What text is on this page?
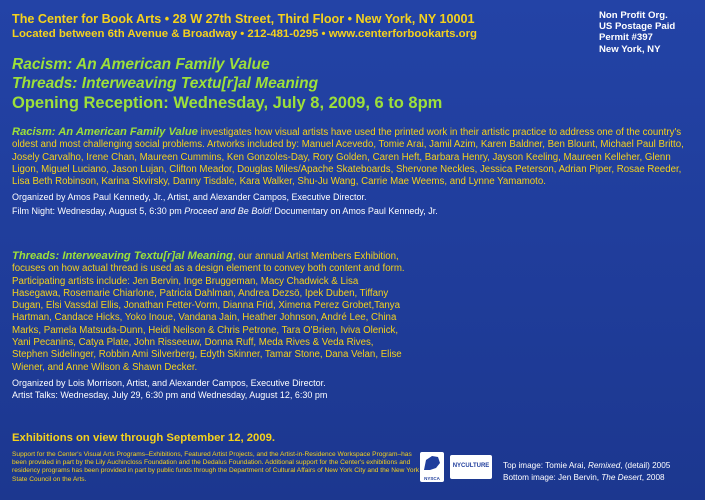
The Center for Book Arts • 28 W 27th Street, Third Floor • New York, NY 10001
Located between 6th Avenue & Broadway • 212-481-0295 • www.centerforbookarts.org
Non Profit Org.
US Postage Paid
Permit #397
New York, NY
Racism: An American Family Value
Threads: Interweaving Textu[r]al Meaning
Opening Reception: Wednesday, July 8, 2009, 6 to 8pm
Racism: An American Family Value investigates how visual artists have used the printed work in their artistic practice to address one of the country's oldest and most challenging social problems. Artworks included by: Manuel Acevedo, Tomie Arai, Jamil Azim, Karen Baldner, Ben Blount, Michael Paul Britto, Josely Carvalho, Irene Chan, Maureen Cummins, Ken Gonzoles-Day, Rory Golden, Caren Heft, Barbara Henry, Jayson Keeling, Maureen Kelleher, Glenn Ligon, Miguel Luciano, Jason Lujan, Clifton Meador, Douglas Miles/Apache Skateboards, Shervone Neckles, Jessica Peterson, Adrian Piper, Rosae Reeder, Lisa Beth Robinson, Karina Skvirsky, Danny Tisdale, Kara Walker, Shu-Ju Wang, Carrie Mae Weems, and Lynne Yamamoto.
Organized by Amos Paul Kennedy, Jr., Artist, and Alexander Campos, Executive Director.
Film Night: Wednesday, August 5, 6:30 pm Proceed and Be Bold! Documentary on Amos Paul Kennedy, Jr.
Threads: Interweaving Textu[r]al Meaning, our annual Artist Members Exhibition, focuses on how actual thread is used as a design element to convey both content and form. Participating artists include: Jen Bervin, Inge Bruggeman, Macy Chadwick & Lisa Hasegawa, Rosemarie Chiarlone, Patricia Dahlman, Andrea Dezsö, Ipek Duben, Tiffany Dugan, Elsi Vassdal Ellis, Jonathan Fetter-Vorm, Dianna Frid, Ximena Perez Grobet,Tanya Hartman, Candace Hicks, Yoko Inoue, Vandana Jain, Heather Johnson, André Lee, China Marks, Pamela Matsuda-Dunn, Heidi Neilson & Chris Petrone, Tara O'Brien, Iviva Olenick, Yani Pecanins, Catya Plate, John Risseeuw, Donna Ruff, Meda Rives & Veda Rives, Stephen Sidelinger, Robbin Ami Silverberg, Edyth Skinner, Tamar Stone, Dana Velan, Elise Wiener, and Anne Wilson & Shawn Decker.
Organized by Lois Morrison, Artist, and Alexander Campos, Executive Director.
Artist Talks: Wednesday, July 29, 6:30 pm and Wednesday, August 12, 6:30 pm
Exhibitions on view through September 12, 2009.
Support for the Center's Visual Arts Programs–Exhibitions, Featured Artist Projects, and the Artist-in-Residence Workspace Program–has been provided in part by the Lily Auchincloss Foundation and the Dedalus Foundation. Additional support for the Center's exhibitions and residency programs has been provided in part by public funds through the Department of Cultural Affairs of New York City and the New York State Council on the Arts.	NYSCA
NYCULTURE Top image: Tomie Arai, Remixed, (detail) 2005
Bottom image: Jen Bervin, The Desert, 2008
